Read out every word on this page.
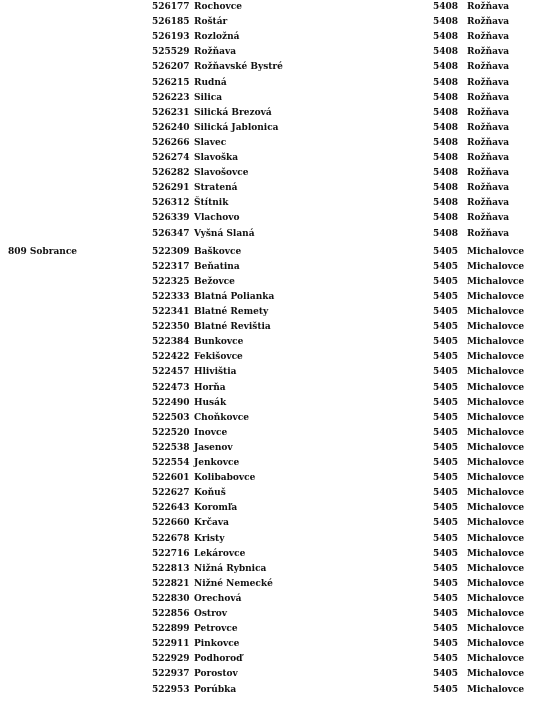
526177 Rochovce	5408 Rožňava
526185 Roštár	5408 Rožňava
526193 Rozložná	5408 Rožňava
525529 Rožňava	5408 Rožňava
526207 Rožňavské Bystré	5408 Rožňava
526215 Rudná	5408 Rožňava
526223 Silica	5408 Rožňava
526231 Silická Brezová	5408 Rožňava
526240 Silická Jablonica	5408 Rožňava
526266 Slavec	5408 Rožňava
526274 Slavoška	5408 Rožňava
526282 Slavošovce	5408 Rožňava
526291 Stratená	5408 Rožňava
526312 Štítnik	5408 Rožňava
526339 Vlachovo	5408 Rožňava
526347 Vyšná Slaná	5408 Rožňava
809 Sobrance	522309 Baškovce	5405 Michalovce
522317 Beňatina	5405 Michalovce
522325 Bežovce	5405 Michalovce
522333 Blatná Polianka	5405 Michalovce
522341 Blatné Remety	5405 Michalovce
522350 Blatné Revištia	5405 Michalovce
522384 Bunkovce	5405 Michalovce
522422 Fekišovce	5405 Michalovce
522457 Hlivištia	5405 Michalovce
522473 Horňa	5405 Michalovce
522490 Husák	5405 Michalovce
522503 Choňkovce	5405 Michalovce
522520 Inovce	5405 Michalovce
522538 Jasenov	5405 Michalovce
522554 Jenkovce	5405 Michalovce
522601 Kolibabovce	5405 Michalovce
522627 Koňuš	5405 Michalovce
522643 Koromľa	5405 Michalovce
522660 Krčava	5405 Michalovce
522678 Kristy	5405 Michalovce
522716 Lekárovce	5405 Michalovce
522813 Nižná Rybnica	5405 Michalovce
522821 Nižné Nemecké	5405 Michalovce
522830 Orechová	5405 Michalovce
522856 Ostrov	5405 Michalovce
522899 Petrovce	5405 Michalovce
522911 Pinkovce	5405 Michalovce
522929 Podhoroď	5405 Michalovce
522937 Porostov	5405 Michalovce
522953 Porúbka	5405 Michalovce
